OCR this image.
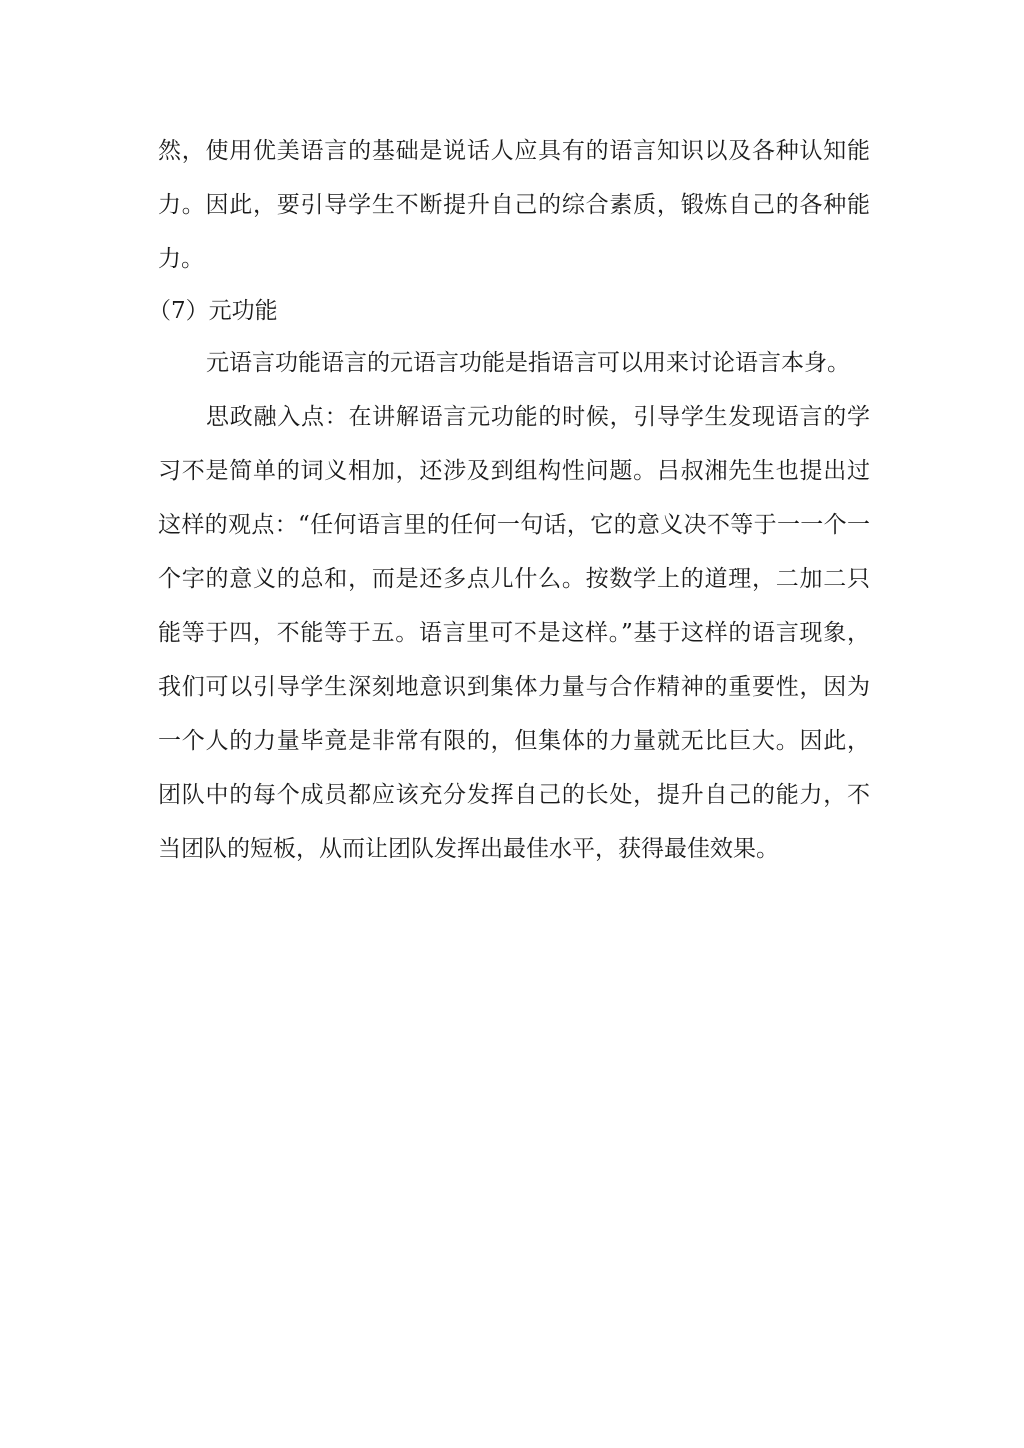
然，使用优美语言的基础是说话人应具有的语言知识以及各种认知能力。因此，要引导学生不断提升自己的综合素质，锻炼自己的各种能力。

（7）元功能

元语言功能语言的元语言功能是指语言可以用来讨论语言本身。

思政融入点：在讲解语言元功能的时候，引导学生发现语言的学习不是简单的词义相加，还涉及到组构性问题。吕叔湘先生也提出过这样的观点：“任何语言里的任何一句话，它的意义决不等于一一个一个字的意义的总和，而是还多点儿什么。按数学上的道理，二加二只能等于四，不能等于五。语言里可不是这样。”基于这样的语言现象，我们可以引导学生深刻地意识到集体力量与合作精神的重要性，因为一个人的力量毕竟是非常有限的，但集体的力量就无比巨大。因此，团队中的每个成员都应该充分发挥自己的长处，提升自己的能力，不当团队的短板，从而让团队发挥出最佳水平，获得最佳效果。
